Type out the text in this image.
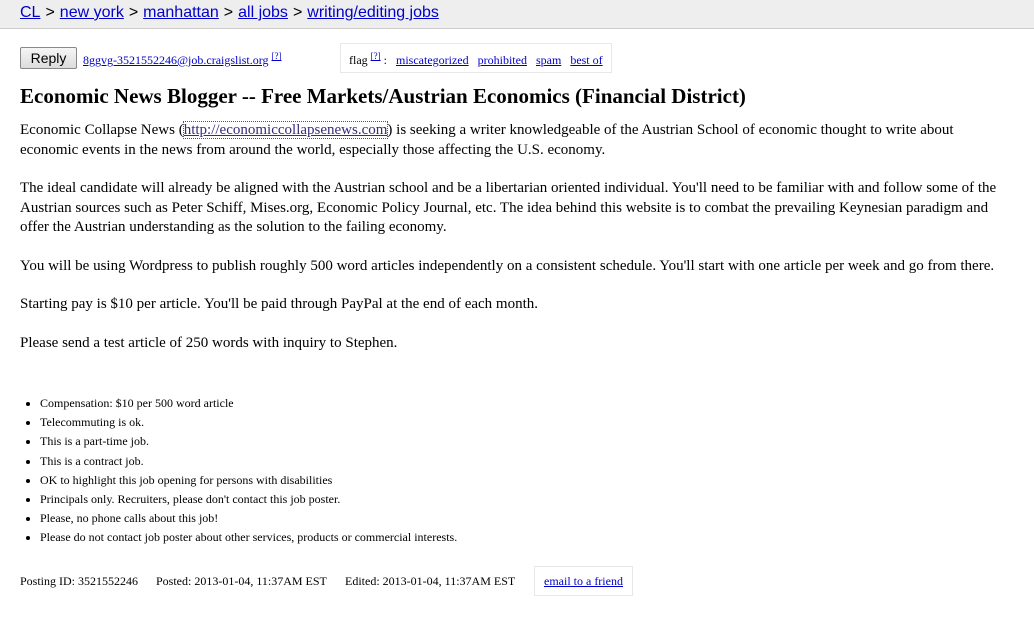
CL > new york > manhattan > all jobs > writing/editing jobs
Reply	8ggvg-3521552246@job.craigslist.org [?]	flag [?] : miscategorized prohibited spam best of
Economic News Blogger -- Free Markets/Austrian Economics (Financial District)

Economic Collapse News (http://economiccollapsenews.com) is seeking a writer knowledgeable of the Austrian School of economic thought to write about economic events in the news from around the world, especially those affecting the U.S. economy.

The ideal candidate will already be aligned with the Austrian school and be a libertarian oriented individual. You'll need to be familiar with and follow some of the Austrian sources such as Peter Schiff, Mises.org, Economic Policy Journal, etc. The idea behind this website is to combat the prevailing Keynesian paradigm and offer the Austrian understanding as the solution to the failing economy.

You will be using Wordpress to publish roughly 500 word articles independently on a consistent schedule. You'll start with one article per week and go from there.

Starting pay is $10 per article. You'll be paid through PayPal at the end of each month.

Please send a test article of 250 words with inquiry to Stephen.

• Compensation: $10 per 500 word article
• Telecommuting is ok.
• This is a part-time job.
• This is a contract job.
• OK to highlight this job opening for persons with disabilities
• Principals only. Recruiters, please don't contact this job poster.
• Please, no phone calls about this job!
• Please do not contact job poster about other services, products or commercial interests.
Posting ID: 3521552246 Posted: 2013-01-04, 11:37AM EST Edited: 2013-01-04, 11:37AM EST	email to a friend
